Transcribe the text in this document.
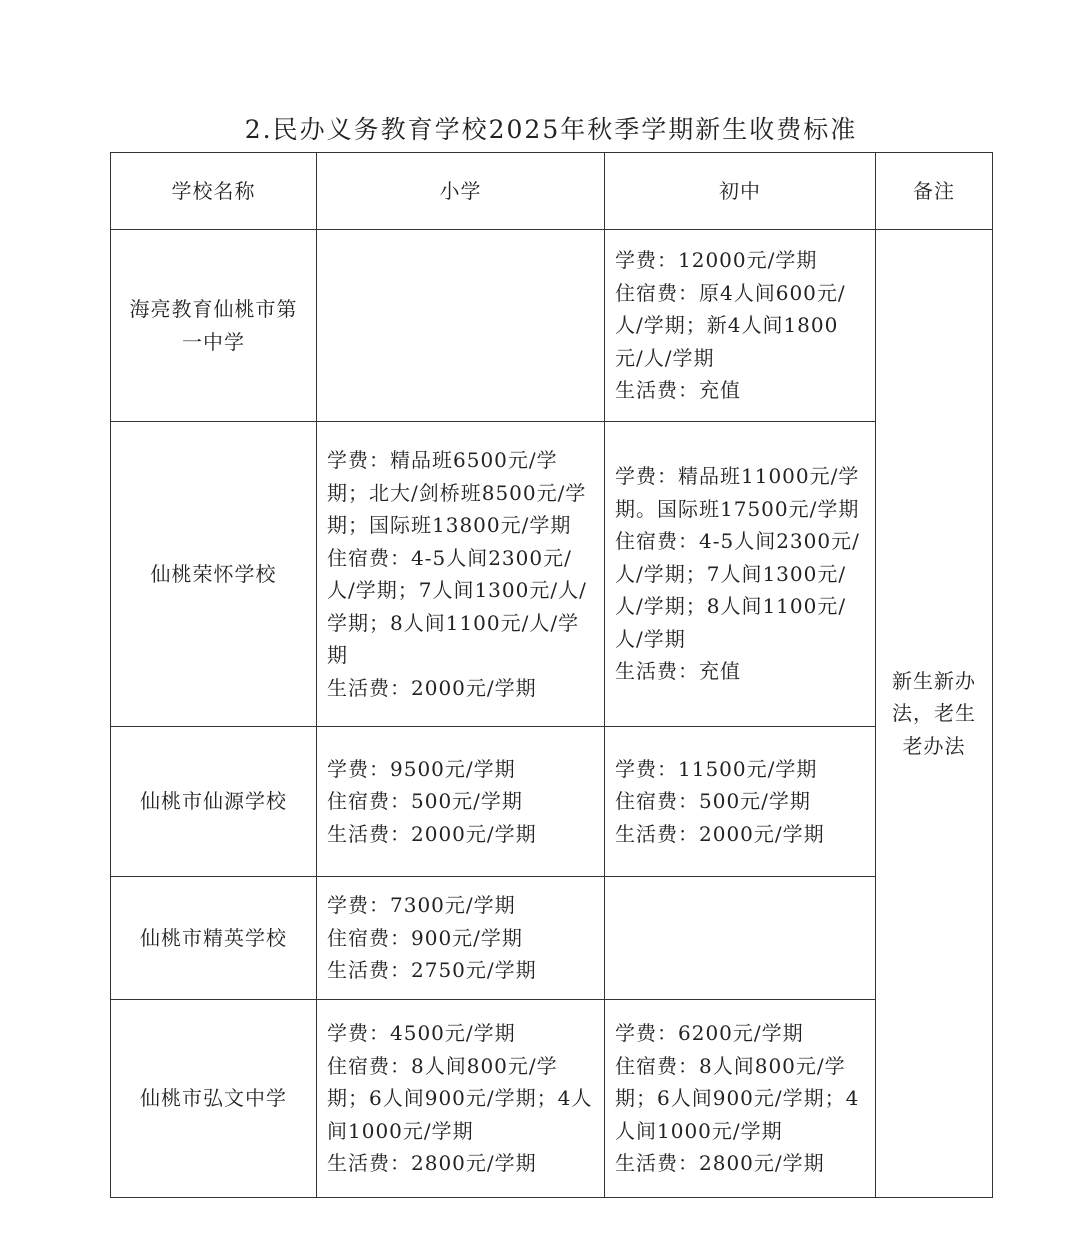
2.民办义务教育学校2025年秋季学期新生收费标准
学校名称	小学	初中	备注
海亮教育仙桃市第一中学		学费：12000元/学期
住宿费：原4人间600元/人/学期；新4人间1800元/人/学期
生活费：充值	新生新办法，老生老办法
仙桃荣怀学校	学费：精品班6500元/学期；北大/剑桥班8500元/学期；国际班13800元/学期
住宿费：4-5人间2300元/人/学期；7人间1300元/人/学期；8人间1100元/人/学期
生活费：2000元/学期	学费：精品班11000元/学期。国际班17500元/学期
住宿费：4-5人间2300元/人/学期；7人间1300元/人/学期；8人间1100元/人/学期
生活费：充值	

仙桃市仙源学校	学费：9500元/学期
住宿费：500元/学期
生活费：2000元/学期	学费：11500元/学期
住宿费：500元/学期
生活费：2000元/学期	

仙桃市精英学校	学费：7300元/学期
住宿费：900元/学期
生活费：2750元/学期		

仙桃市弘文中学	学费：4500元/学期
住宿费：8人间800元/学期；6人间900元/学期；4人间1000元/学期
生活费：2800元/学期	学费：6200元/学期
住宿费：8人间800元/学期；6人间900元/学期；4人间1000元/学期
生活费：2800元/学期	
